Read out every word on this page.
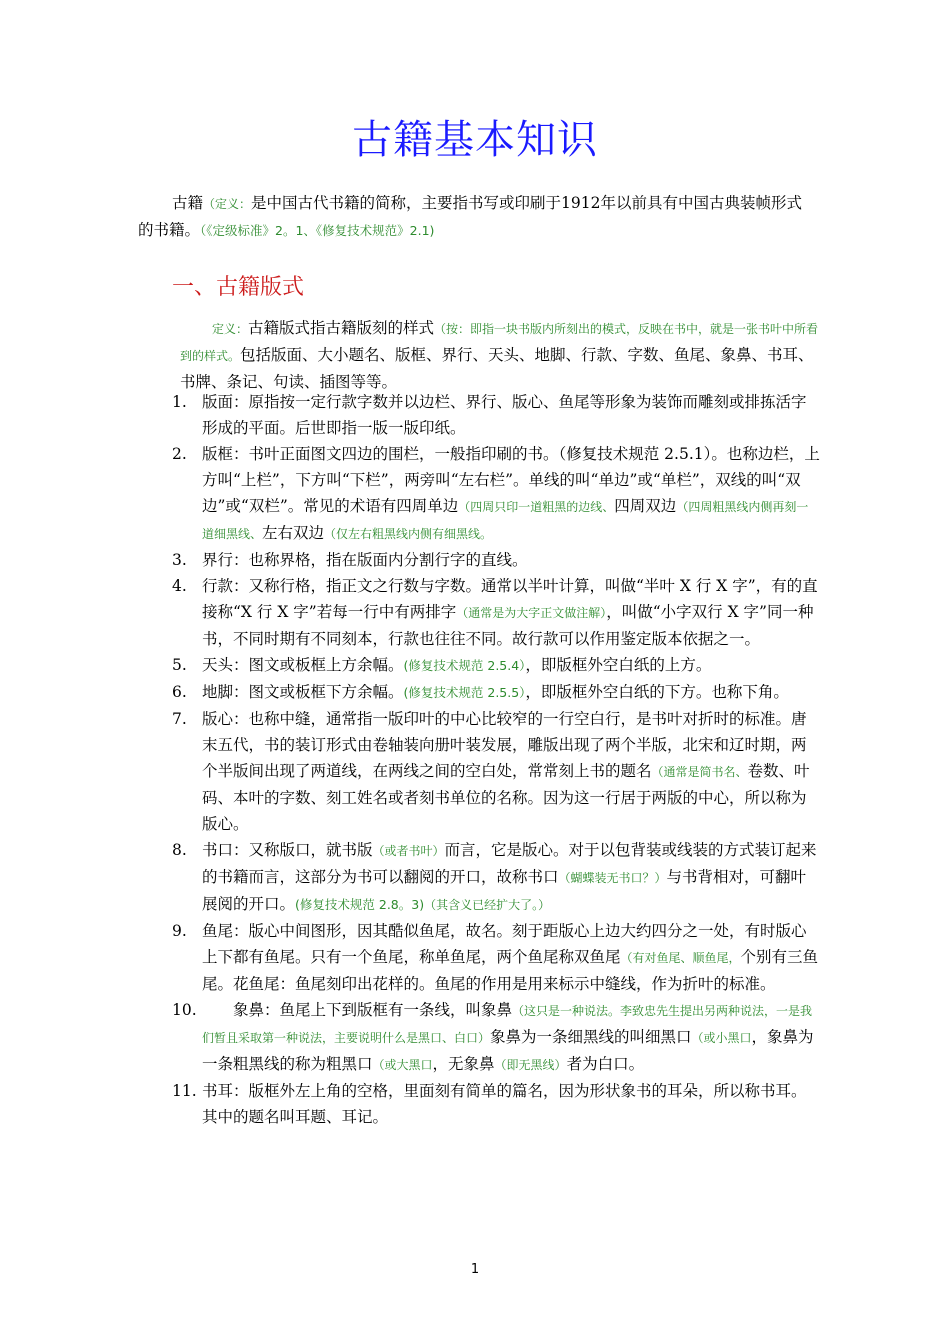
古籍基本知识
古籍（定义：是中国古代书籍的简称，主要指书写或印刷于1912年以前具有中国古典装帧形式的书籍。（《定级标准》2。1、《修复技术规范》2.1)
一、古籍版式
定义：古籍版式指古籍版刻的样式（按：即指一块书版内所刻出的模式，反映在书中，就是一张书叶中所看到的样式。包括版面、大小题名、版框、界行、天头、地脚、行款、字数、鱼尾、象鼻、书耳、书牌、条记、句读、插图等等。
1. 版面：原指按一定行款字数并以边栏、界行、版心、鱼尾等形象为装饰而雕刻或排拣活字形成的平面。后世即指一版一版印纸。
2. 版框：书叶正面图文四边的围栏，一般指印刷的书。（修复技术规范 2.5.1）。也称边栏，上方叫“上栏”，下方叫“下栏”，两旁叫“左右栏”。单线的叫“单边”或“单栏”，双线的叫“双边”或“双栏”。常见的术语有四周单边（四周只印一道粗黑的边线、四周双边（四周粗黑线内侧再刻一道细黑线、左右双边（仅左右粗黑线内侧有细黑线。
3. 界行：也称界格，指在版面内分割行字的直线。
4. 行款：又称行格，指正文之行数与字数。通常以半叶计算，叫做“半叶 X 行 X 字”，有的直接称“X 行 X 字”若每一行中有两排字（通常是为大字正文做注解），叫做“小字双行 X 字”同一种书，不同时期有不同刻本，行款也往往不同。故行款可以作用鉴定版本依据之一。
5. 天头：图文或板框上方余幅。(修复技术规范 2.5.4），即版框外空白纸的上方。
6. 地脚：图文或板框下方余幅。(修复技术规范 2.5.5），即版框外空白纸的下方。也称下角。
7. 版心：也称中缝，通常指一版印叶的中心比较窄的一行空白行，是书叶对折时的标准。唐末五代，书的装订形式由卷轴装向册叶装发展，雕版出现了两个半版，北宋和辽时期，两个半版间出现了两道线，在两线之间的空白处，常常刻上书的题名（通常是简书名、卷数、叶码、本叶的字数、刻工姓名或者刻书单位的名称。因为这一行居于两版的中心，所以称为版心。
8. 书口：又称版口，就书版（或者书叶）而言，它是版心。对于以包背装或线装的方式装订起来的书籍而言，这部分为书可以翻阅的开口，故称书口（蝴蝶装无书口？）与书背相对，可翻叶展阅的开口。(修复技术规范 2.8。3)（其含义已经扩大了。）
9. 鱼尾：版心中间图形，因其酷似鱼尾，故名。刻于距版心上边大约四分之一处，有时版心上下都有鱼尾。只有一个鱼尾，称单鱼尾，两个鱼尾称双鱼尾（有对鱼尾、顺鱼尾，个别有三鱼尾。花鱼尾：鱼尾刻印出花样的。鱼尾的作用是用来标示中缝线，作为折叶的标准。
10. 　　象鼻：鱼尾上下到版框有一条线，叫象鼻（这只是一种说法。李致忠先生提出另两种说法，一是我们暂且采取第一种说法，主要说明什么是黑口、白口）象鼻为一条细黑线的叫细黑口（或小黑口，象鼻为一条粗黑线的称为粗黑口（或大黑口，无象鼻（即无黑线）者为白口。
11. 书耳：版框外左上角的空格，里面刻有简单的篇名，因为形状象书的耳朵，所以称书耳。其中的题名叫耳题、耳记。
1
